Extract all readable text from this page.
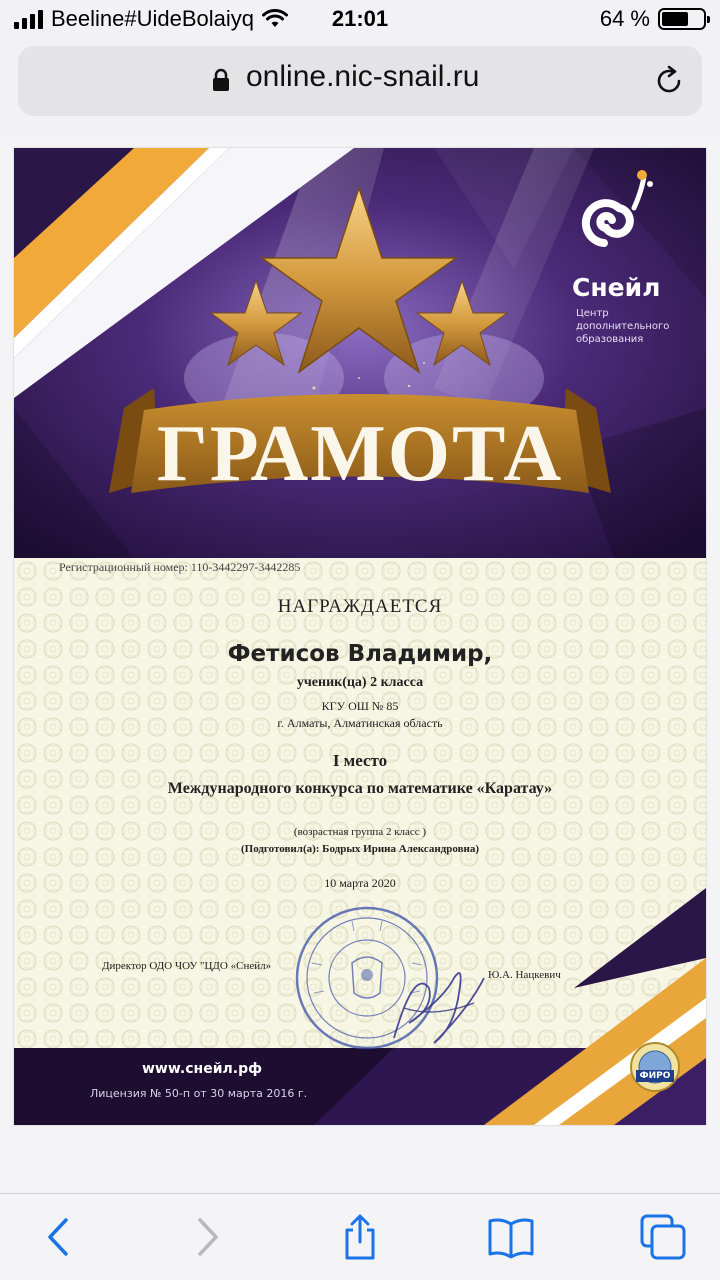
Beeline#UideBolaiyq	21:01	64 %
online.nic-snail.ru
ГРАМОТА
Снейл
Центр
дополнительного
образования
Регистрационный номер: 110-3442297-3442285
НАГРАЖДАЕТСЯ
Фетисов Владимир,
ученик(ца) 2 класса
КГУ ОШ № 85
г. Алматы, Алматинская область
I место
Международного конкурса по математике «Каратау»
(возрастная группа 2 класс )
(Подготовил(а): Бодрых Ирина Александровна)
10 марта 2020
Директор ОДО ЧОУ "ЦДО «Снейл»
Ю.А. Нацкевич
www.снейл.рф
Лицензия № 50-п от 30 марта 2016 г.
ФИРО
